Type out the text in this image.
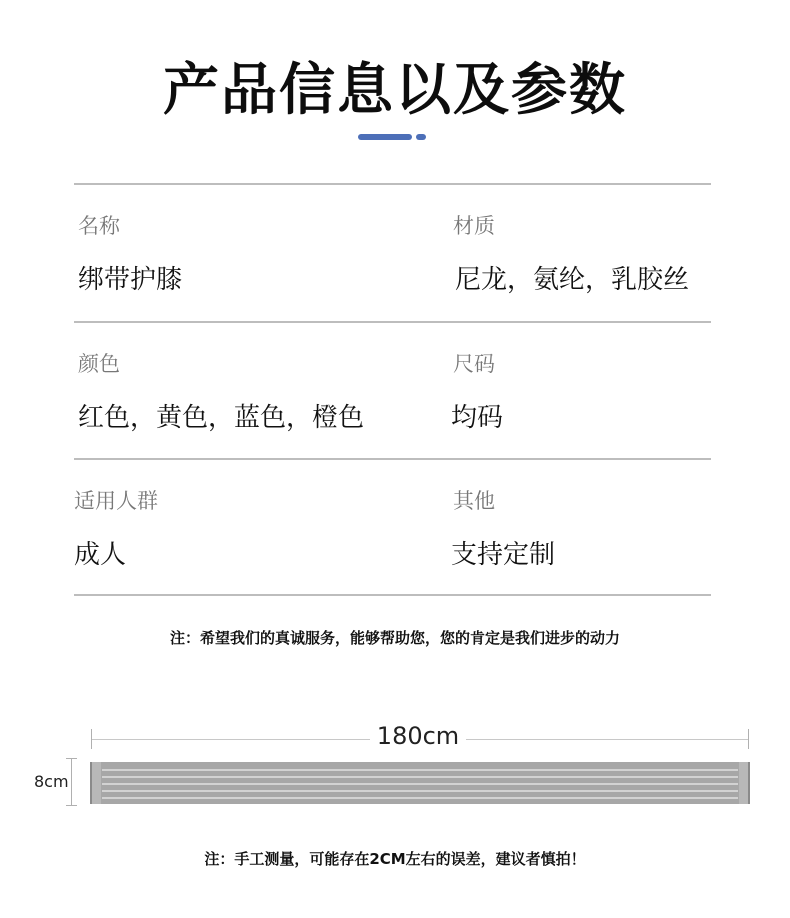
产品信息以及参数
名称
绑带护膝
材质
尼龙，氨纶，乳胶丝
颜色
红色，黄色，蓝色，橙色
尺码
均码
适用人群
成人
其他
支持定制
注：希望我们的真诚服务，能够帮助您，您的肯定是我们进步的动力
180cm
8cm
注：手工测量，可能存在2CM左右的误差，建议者慎拍！
